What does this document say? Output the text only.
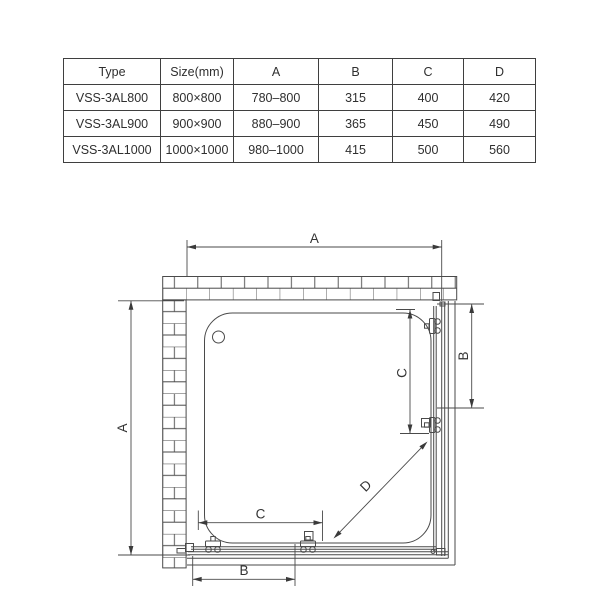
Type	Size(mm)	A	B	C	D
VSS-3AL800	800×800	780–800	315	400	420
VSS-3AL900	900×900	880–900	365	450	490
VSS-3AL1000	1000×1000	980–1000	415	500	560
A
A
B
C
D
C
B
